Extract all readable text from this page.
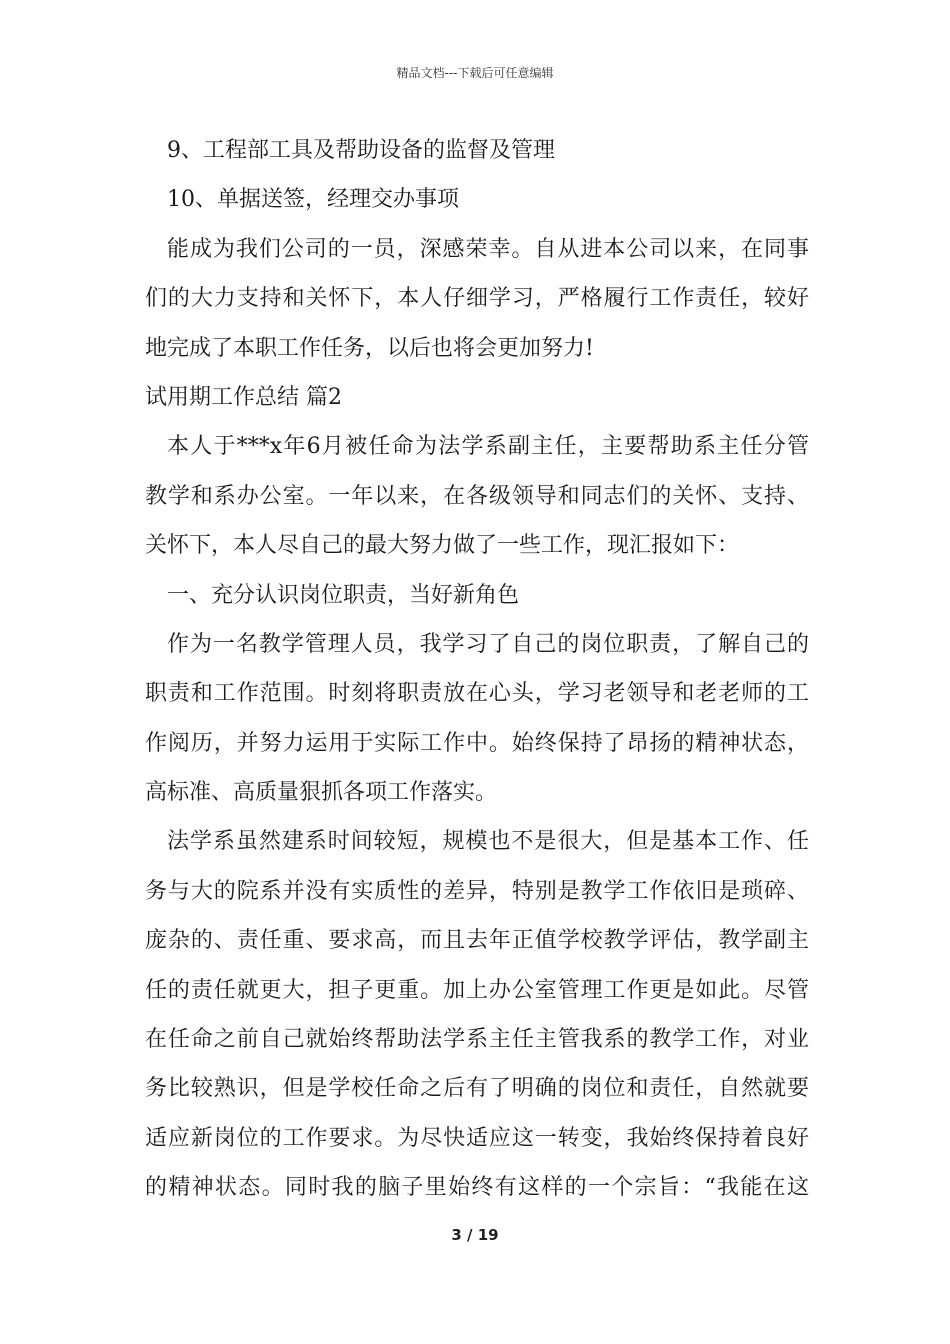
精品文档---下载后可任意编辑
9、工程部工具及帮助设备的监督及管理
10、单据送签，经理交办事项
能成为我们公司的一员，深感荣幸。自从进本公司以来，在同事
们的大力支持和关怀下，本人仔细学习，严格履行工作责任，较好
地完成了本职工作任务，以后也将会更加努力!
试用期工作总结 篇2
本人于***x年6月被任命为法学系副主任，主要帮助系主任分管
教学和系办公室。一年以来，在各级领导和同志们的关怀、支持、
关怀下，本人尽自己的最大努力做了一些工作，现汇报如下：
一、充分认识岗位职责，当好新角色
作为一名教学管理人员，我学习了自己的岗位职责，了解自己的
职责和工作范围。时刻将职责放在心头，学习老领导和老老师的工
作阅历，并努力运用于实际工作中。始终保持了昂扬的精神状态，
高标准、高质量狠抓各项工作落实。
法学系虽然建系时间较短，规模也不是很大，但是基本工作、任
务与大的院系并没有实质性的差异，特别是教学工作依旧是琐碎、
庞杂的、责任重、要求高，而且去年正值学校教学评估，教学副主
任的责任就更大，担子更重。加上办公室管理工作更是如此。尽管
在任命之前自己就始终帮助法学系主任主管我系的教学工作，对业
务比较熟识，但是学校任命之后有了明确的岗位和责任，自然就要
适应新岗位的工作要求。为尽快适应这一转变，我始终保持着良好
的精神状态。同时我的脑子里始终有这样的一个宗旨：“我能在这
3 / 19
